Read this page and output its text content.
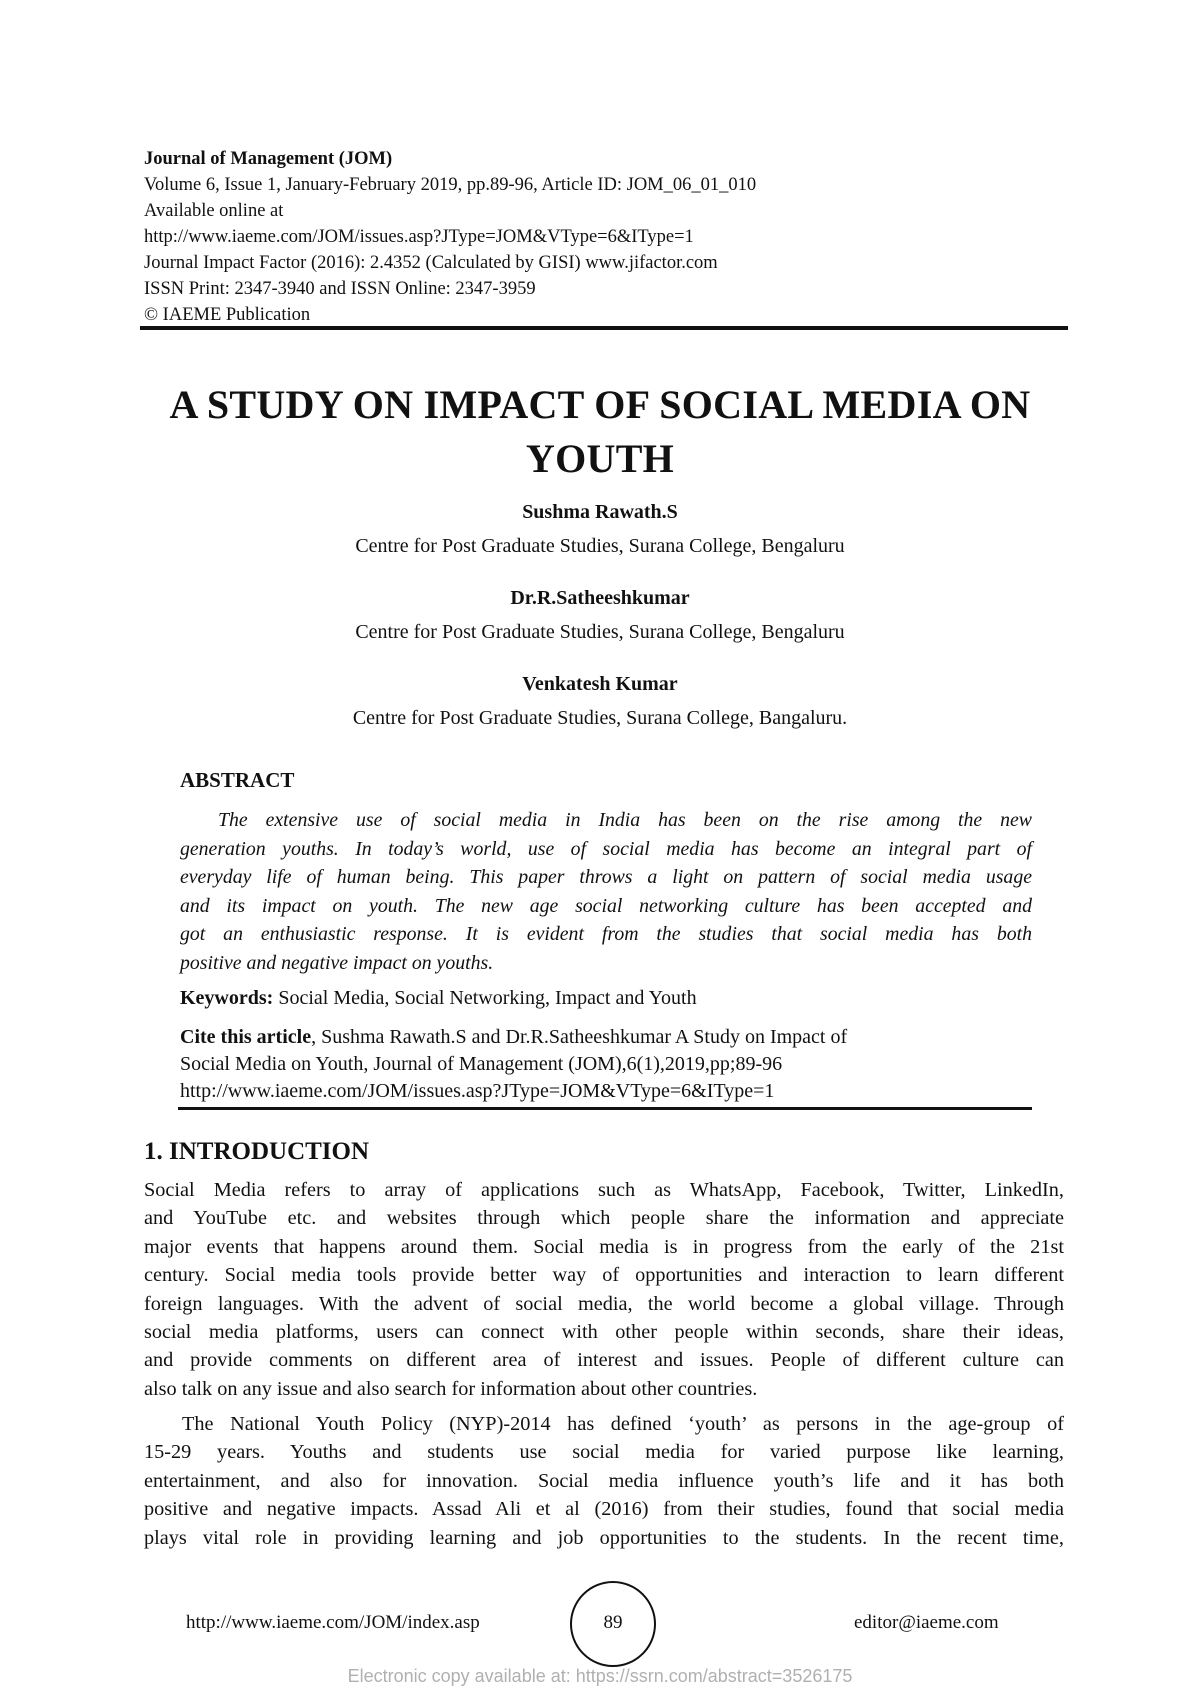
Journal of Management (JOM)
Volume 6, Issue 1, January-February 2019, pp.89-96, Article ID: JOM_06_01_010
Available online at
http://www.iaeme.com/JOM/issues.asp?JType=JOM&VType=6&IType=1
Journal Impact Factor (2016): 2.4352 (Calculated by GISI) www.jifactor.com
ISSN Print: 2347-3940 and ISSN Online: 2347-3959
© IAEME Publication
A STUDY ON IMPACT OF SOCIAL MEDIA ON
YOUTH
Sushma Rawath.S
Centre for Post Graduate Studies, Surana College, Bengaluru
Dr.R.Satheeshkumar
Centre for Post Graduate Studies, Surana College, Bengaluru
Venkatesh Kumar
Centre for Post Graduate Studies, Surana College, Bangaluru.
ABSTRACT
The extensive use of social media in India has been on the rise among the new
generation youths. In today’s world, use of social media has become an integral part of
everyday life of human being. This paper throws a light on pattern of social media usage
and its impact on youth. The new age social networking culture has been accepted and
got an enthusiastic response. It is evident from the studies that social media has both
positive and negative impact on youths.
Keywords: Social Media, Social Networking, Impact and Youth
Cite this article, Sushma Rawath.S and Dr.R.Satheeshkumar A Study on Impact of
Social Media on Youth, Journal of Management (JOM),6(1),2019,pp;89-96
http://www.iaeme.com/JOM/issues.asp?JType=JOM&VType=6&IType=1
1. INTRODUCTION
Social Media refers to array of applications such as WhatsApp, Facebook, Twitter, LinkedIn,
and YouTube etc. and websites through which people share the information and appreciate
major events that happens around them. Social media is in progress from the early of the 21st
century. Social media tools provide better way of opportunities and interaction to learn different
foreign languages. With the advent of social media, the world become a global village. Through
social media platforms, users can connect with other people within seconds, share their ideas,
and provide comments on different area of interest and issues. People of different culture can
also talk on any issue and also search for information about other countries.
The National Youth Policy (NYP)-2014 has defined ‘youth’ as persons in the age-group of
15-29 years. Youths and students use social media for varied purpose like learning,
entertainment, and also for innovation. Social media influence youth’s life and it has both
positive and negative impacts. Assad Ali et al (2016) from their studies, found that social media
plays vital role in providing learning and job opportunities to the students. In the recent time,
http://www.iaeme.com/JOM/index.asp	89	editor@iaeme.com
Electronic copy available at: https://ssrn.com/abstract=3526175
